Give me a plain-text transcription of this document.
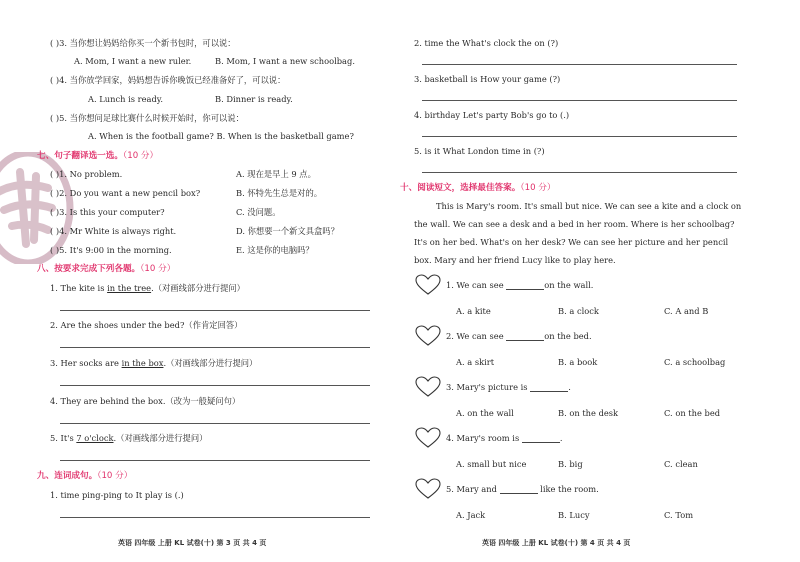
( )3. 当你想让妈妈给你买一个新书包时，可以说：
A. Mom, I want a new ruler.	B. Mom, I want a new schoolbag.
( )4. 当你放学回家，妈妈想告诉你晚饭已经准备好了，可以说：
A. Lunch is ready.	B. Dinner is ready.
( )5. 当你想问足球比赛什么时候开始时，你可以说：
A. When is the football game? B. When is the basketball game?
七、句子翻译选一选。（10 分）
( )1. No problem.	A. 现在是早上 9 点。
( )2. Do you want a new pencil box?	B. 怀特先生总是对的。
( )3. Is this your computer?	C. 没问题。
( )4. Mr White is always right.	D. 你想要一个新文具盒吗？
( )5. It's 9:00 in the morning.	E. 这是你的电脑吗？
八、按要求完成下列各题。（10 分）
1. The kite is in the tree.（对画线部分进行提问）
2. Are the shoes under the bed?（作肯定回答）
3. Her socks are in the box.（对画线部分进行提问）
4. They are behind the box.（改为一般疑问句）
5. It's 7 o'clock.（对画线部分进行提问）
九、连词成句。（10 分）
1. time ping-ping to It play is (.)
英语 四年级 上册 KL 试卷(十) 第 3 页 共 4 页
2. time the What's clock the on (?)
3. basketball is How your game (?)
4. birthday Let's party Bob's go to (.)
5. is it What London time in (?)
十、阅读短文，选择最佳答案。（10 分）
This is Mary's room. It's small but nice. We can see a kite and a clock on
the wall. We can see a desk and a bed in her room. Where is her schoolbag?
It's on her bed. What's on her desk? We can see her picture and her pencil
box. Mary and her friend Lucy like to play here.
1. We can see	on the wall.
A. a kite	B. a clock	C. A and B
2. We can see	on the bed.
A. a skirt	B. a book	C. a schoolbag
3. Mary's picture is	.
A. on the wall	B. on the desk	C. on the bed
4. Mary's room is	.
A. small but nice	B. big	C. clean
5. Mary and	like the room.
A. Jack	B. Lucy	C. Tom
英语 四年级 上册 KL 试卷(十) 第 4 页 共 4 页
